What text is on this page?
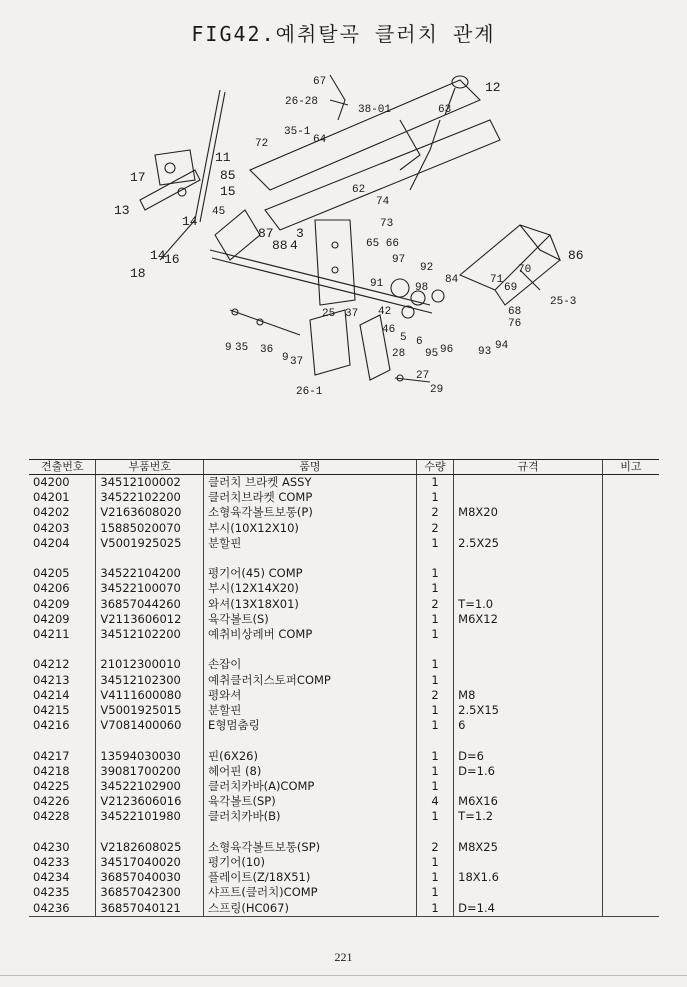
FIG42.예취탈곡 클러치 관계
67
26-28
38-01
12
63
72
35-1
64
11
85
17
15
13
14
45
14
16
18
62
74
73
65 66
87
88 4
3
86
97
92
91	98
84
70
71
69
25-3
68
76
25 37 42
46
5 6
95 96 93 94
28
9 35 36
9 37
26-1
27
29
견출번호	부품번호	품명	수량	규격	비고
04200	34512100002	클러치 브라켓 ASSY	1		
04201	34522102200	클러치브라켓 COMP	1		
04202	V2163608020	소형육각볼트보통(P)	2	M8X20	
04203	15885020070	부시(10X12X10)	2		
04204	V5001925025	분할핀	1	2.5X25	

04205	34522104200	평기어(45) COMP	1		
04206	34522100070	부시(12X14X20)	1		
04209	36857044260	와셔(13X18X01)	2	T=1.0	
04209	V2113606012	육각볼트(S)	1	M6X12	
04211	34512102200	예취비상레버 COMP	1		

04212	21012300010	손잡이	1		
04213	34512102300	예취클러치스토퍼COMP	1		
04214	V4111600080	평와셔	2	M8	
04215	V5001925015	분할핀	1	2.5X15	
04216	V7081400060	E형멈춤링	1	6	

04217	13594030030	핀(6X26)	1	D=6	
04218	39081700200	헤어핀 (8)	1	D=1.6	
04225	34522102900	클러치카바(A)COMP	1		
04226	V2123606016	육각볼트(SP)	4	M6X16	
04228	34522101980	클러치카바(B)	1	T=1.2	

04230	V2182608025	소형육각볼트보통(SP)	2	M8X25	
04233	34517040020	평기어(10)	1		
04234	36857040030	플레이트(Z/18X51)	1	18X1.6	
04235	36857042300	샤프트(클러치)COMP	1		
04236	36857040121	스프링(HC067)	1	D=1.4	
221
